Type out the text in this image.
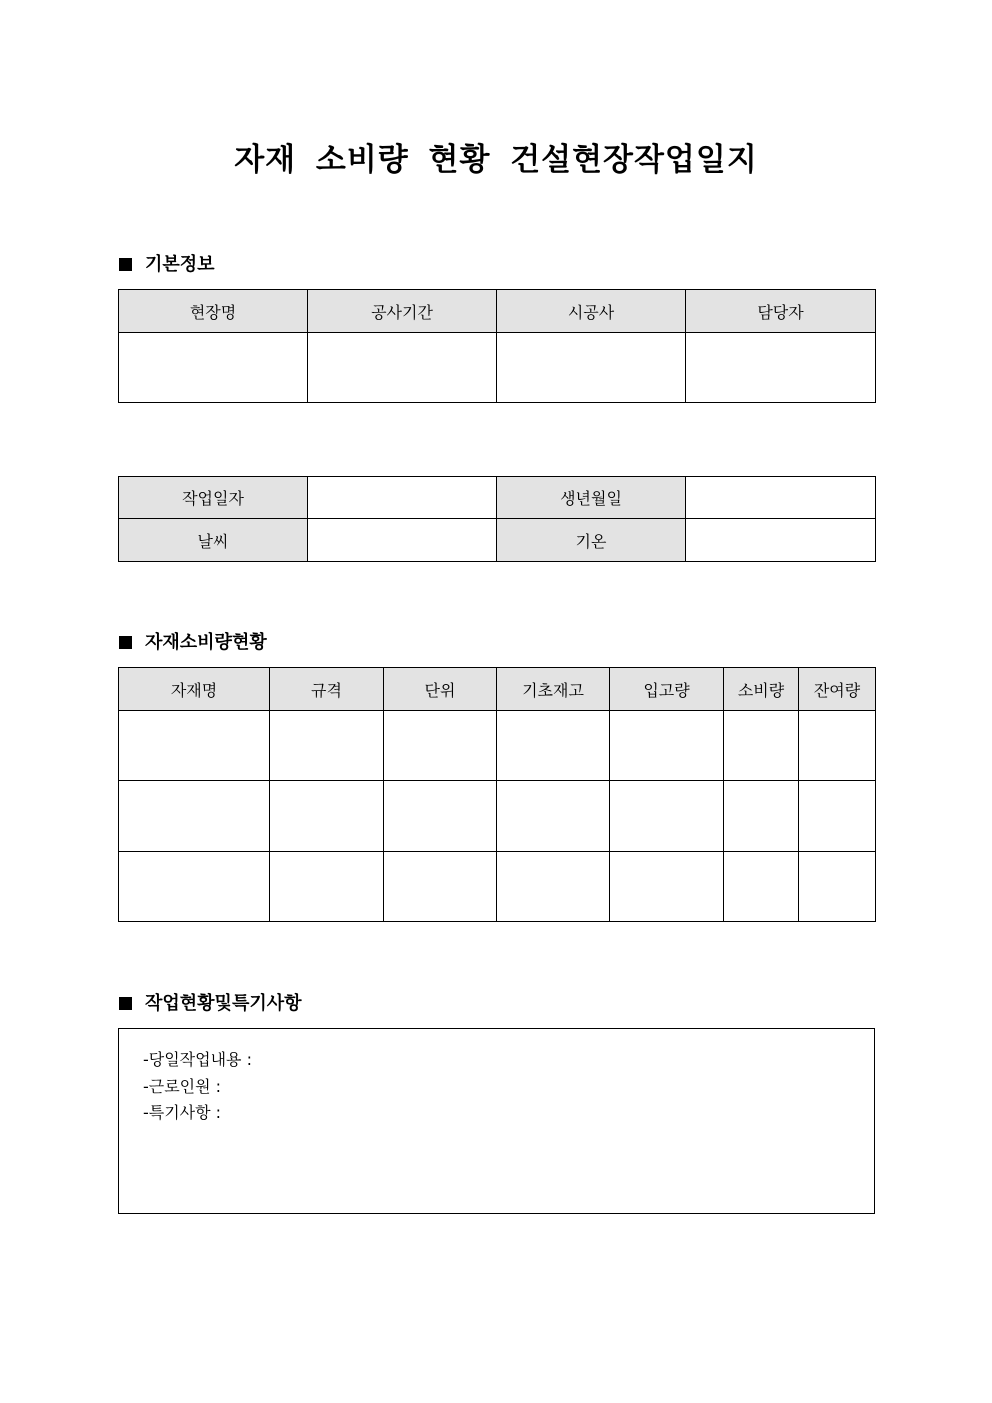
자재 소비량 현황 건설현장작업일지
기본정보
현장명	공사기간	시공사	담당자

작업일자		생년월일	
날씨		기온	
자재소비량현황
자재명	규격	단위	기초재고	입고량	소비량	잔여량

작업현황및특기사항
-당일작업내용 :
-근로인원 :
-특기사항 :
